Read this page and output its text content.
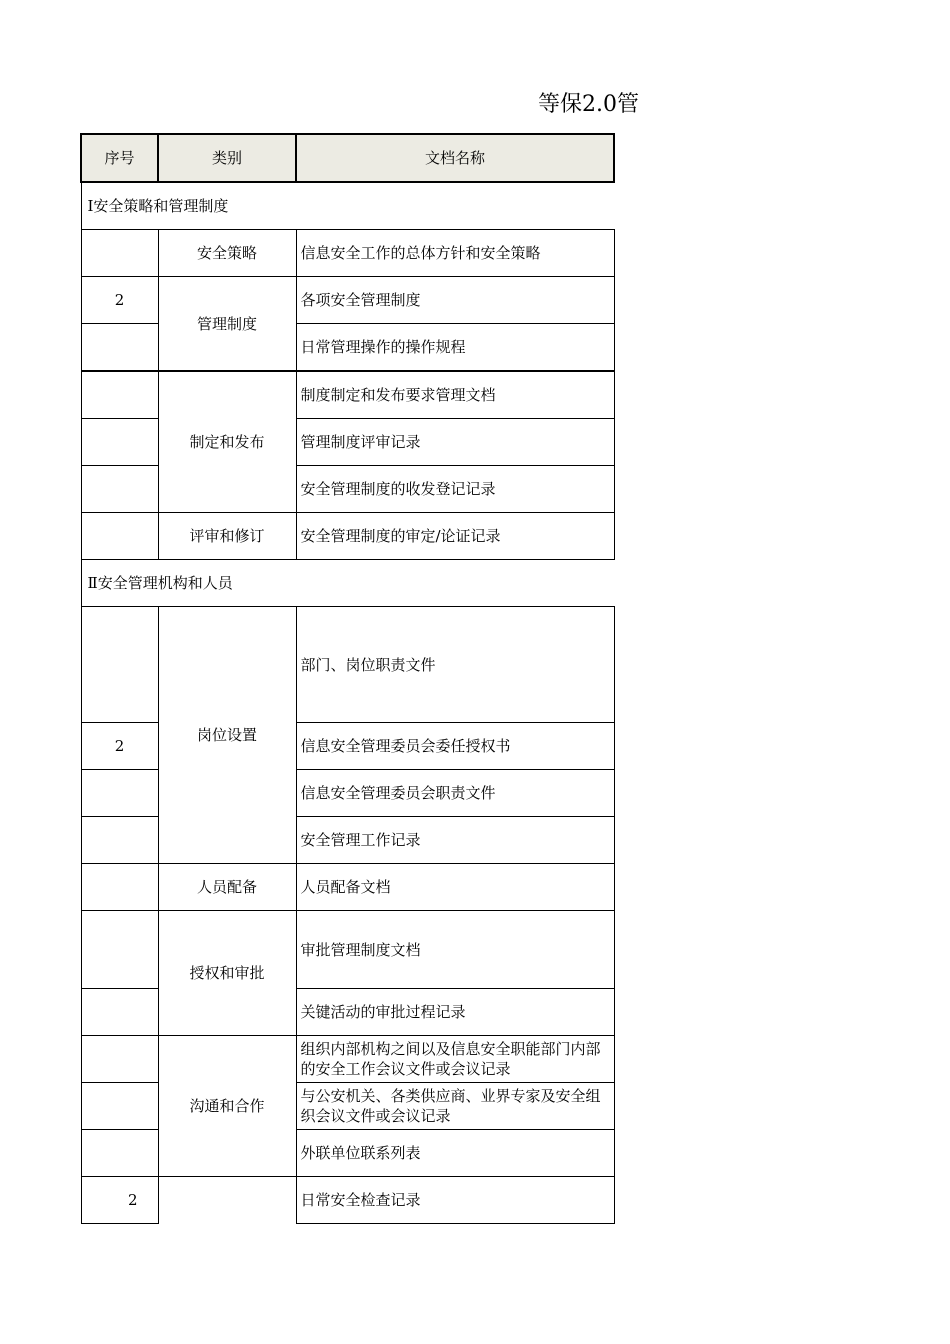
等保2.0管
序号	类别	文档名称
Ⅰ安全策略和管理制度		
	安全策略	信息安全工作的总体方针和安全策略
2	管理制度	各项安全管理制度
		日常管理操作的操作规程
	制定和发布	制度制定和发布要求管理文档
		管理制度评审记录
		安全管理制度的收发登记记录
	评审和修订	安全管理制度的审定/论证记录
Ⅱ安全管理机构和人员		
	岗位设置	部门、岗位职责文件
2		信息安全管理委员会委任授权书
		信息安全管理委员会职责文件
		安全管理工作记录
	人员配备	人员配备文档
	授权和审批	审批管理制度文档
		关键活动的审批过程记录
	沟通和合作	组织内部机构之间以及信息安全职能部门内部的安全工作会议文件或会议记录

		与公安机关、各类供应商、业界专家及安全组织会议文件或会议记录

		外联单位联系列表
2		日常安全检查记录
